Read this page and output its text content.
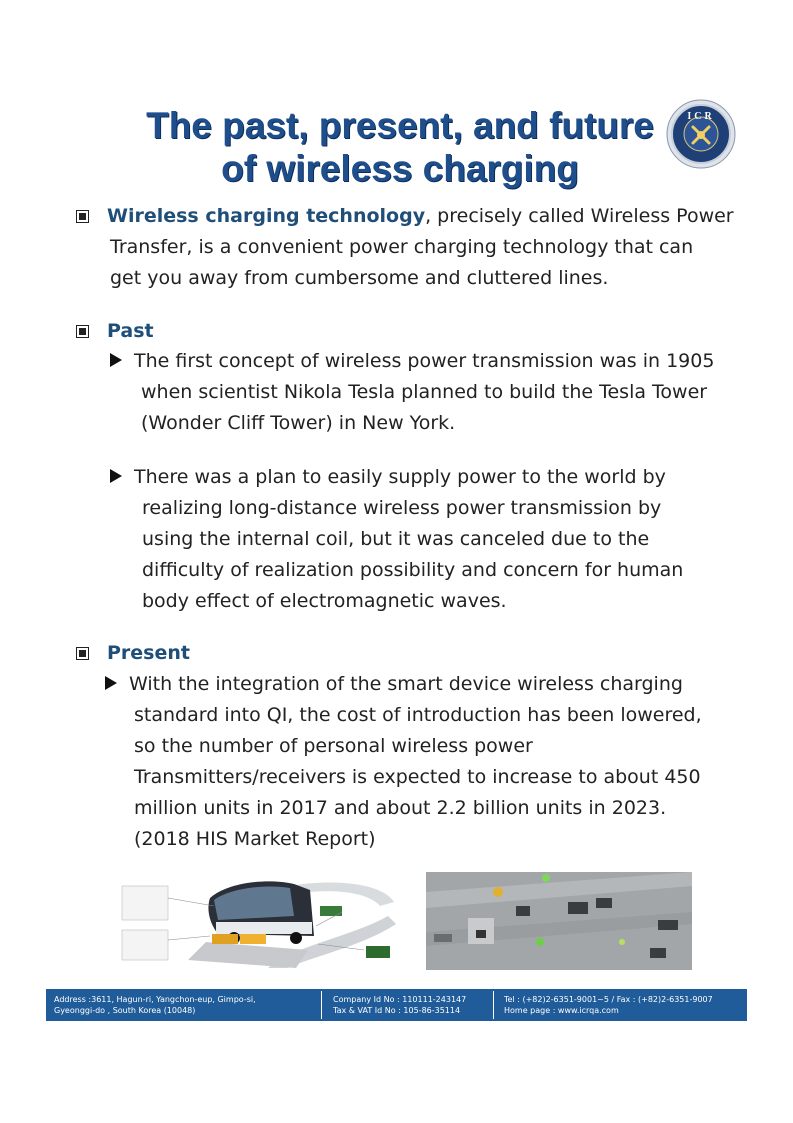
The past, present, and future
of wireless charging
ICR
Wireless charging technology, precisely called Wireless Power
Transfer, is a convenient power charging technology that can
get you away from cumbersome and cluttered lines.
Past
The first concept of wireless power transmission was in 1905
when scientist Nikola Tesla planned to build the Tesla Tower
(Wonder Cliff Tower) in New York.
There was a plan to easily supply power to the world by
realizing long-distance wireless power transmission by
using the internal coil, but it was canceled due to the
difficulty of realization possibility and concern for human
body effect of electromagnetic waves.
Present
With the integration of the smart device wireless charging
standard into QI, the cost of introduction has been lowered,
so the number of personal wireless power
Transmitters/receivers is expected to increase to about 450
million units in 2017 and about 2.2 billion units in 2023.
(2018 HIS Market Report)
Address :3611, Hagun-ri, Yangchon-eup, Gimpo-si,
Gyeonggi-do , South Korea (10048)
Company Id No : 110111-243147
Tax & VAT Id No : 105-86-35114
Tel : (+82)2-6351-9001~5 / Fax : (+82)2-6351-9007
Home page : www.icrqa.com
